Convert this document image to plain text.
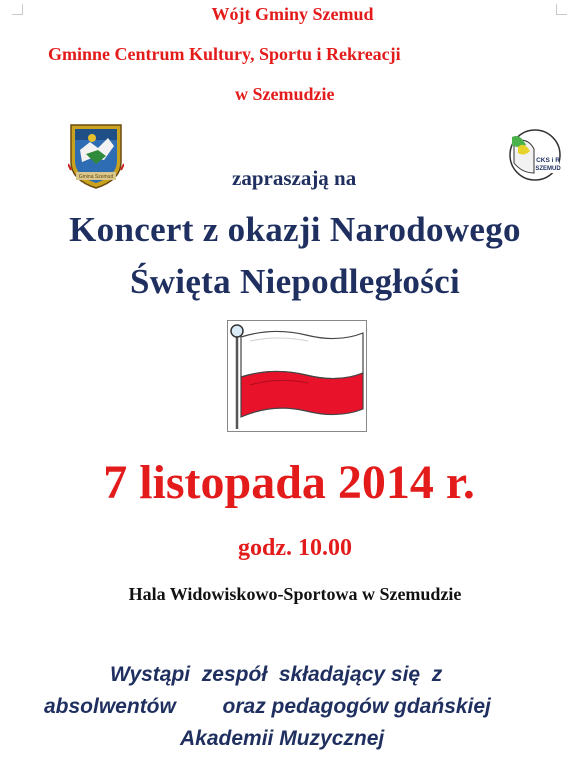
Wójt Gminy Szemud
Gminne Centrum Kultury, Sportu i Rekreacji
w Szemudzie
Gmina Szemud
CKS i R
SZEMUD
zapraszają na
Koncert z okazji Narodowego
Święta Niepodległości
7 listopada 2014 r.
godz. 10.00
Hala Widowiskowo-Sportowa w Szemudzie
Wystąpi  zespół  składający się  z
absolwentów        oraz pedagogów gdańskiej
Akademii Muzycznej
